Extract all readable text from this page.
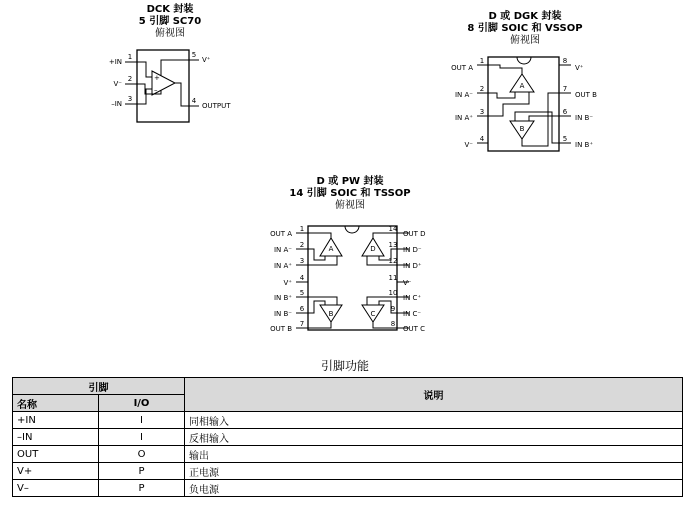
DCK 封装
5 引脚 SC70
俯视图
D 或 DGK 封装
8 引脚 SOIC 和 VSSOP
俯视图
D 或 PW 封装
14 引脚 SOIC 和 TSSOP
俯视图
+IN
V⁻
–IN
1
2
3
V⁺
OUTPUT
5
4
+
–
OUT A
IN A⁻
IN A⁺
V⁻
1
2
3
4
V⁺
OUT B
IN B⁻
IN B⁺
8
7
6
5
A
B
OUT A
IN A⁻
IN A⁺
V⁺
IN B⁺
IN B⁻
OUT B
1
2
3
4
5
6
7
OUT D
IN D⁻
IN D⁺
V⁻
IN C⁺
IN C⁻
OUT C
14
13
12
11
10
9
8
A	D
B	C
引脚功能
引脚		说明
名称	I/O	
+IN	I	同相输入
–IN	I	反相输入
OUT	O	输出
V+	P	正电源
V–	P	负电源
